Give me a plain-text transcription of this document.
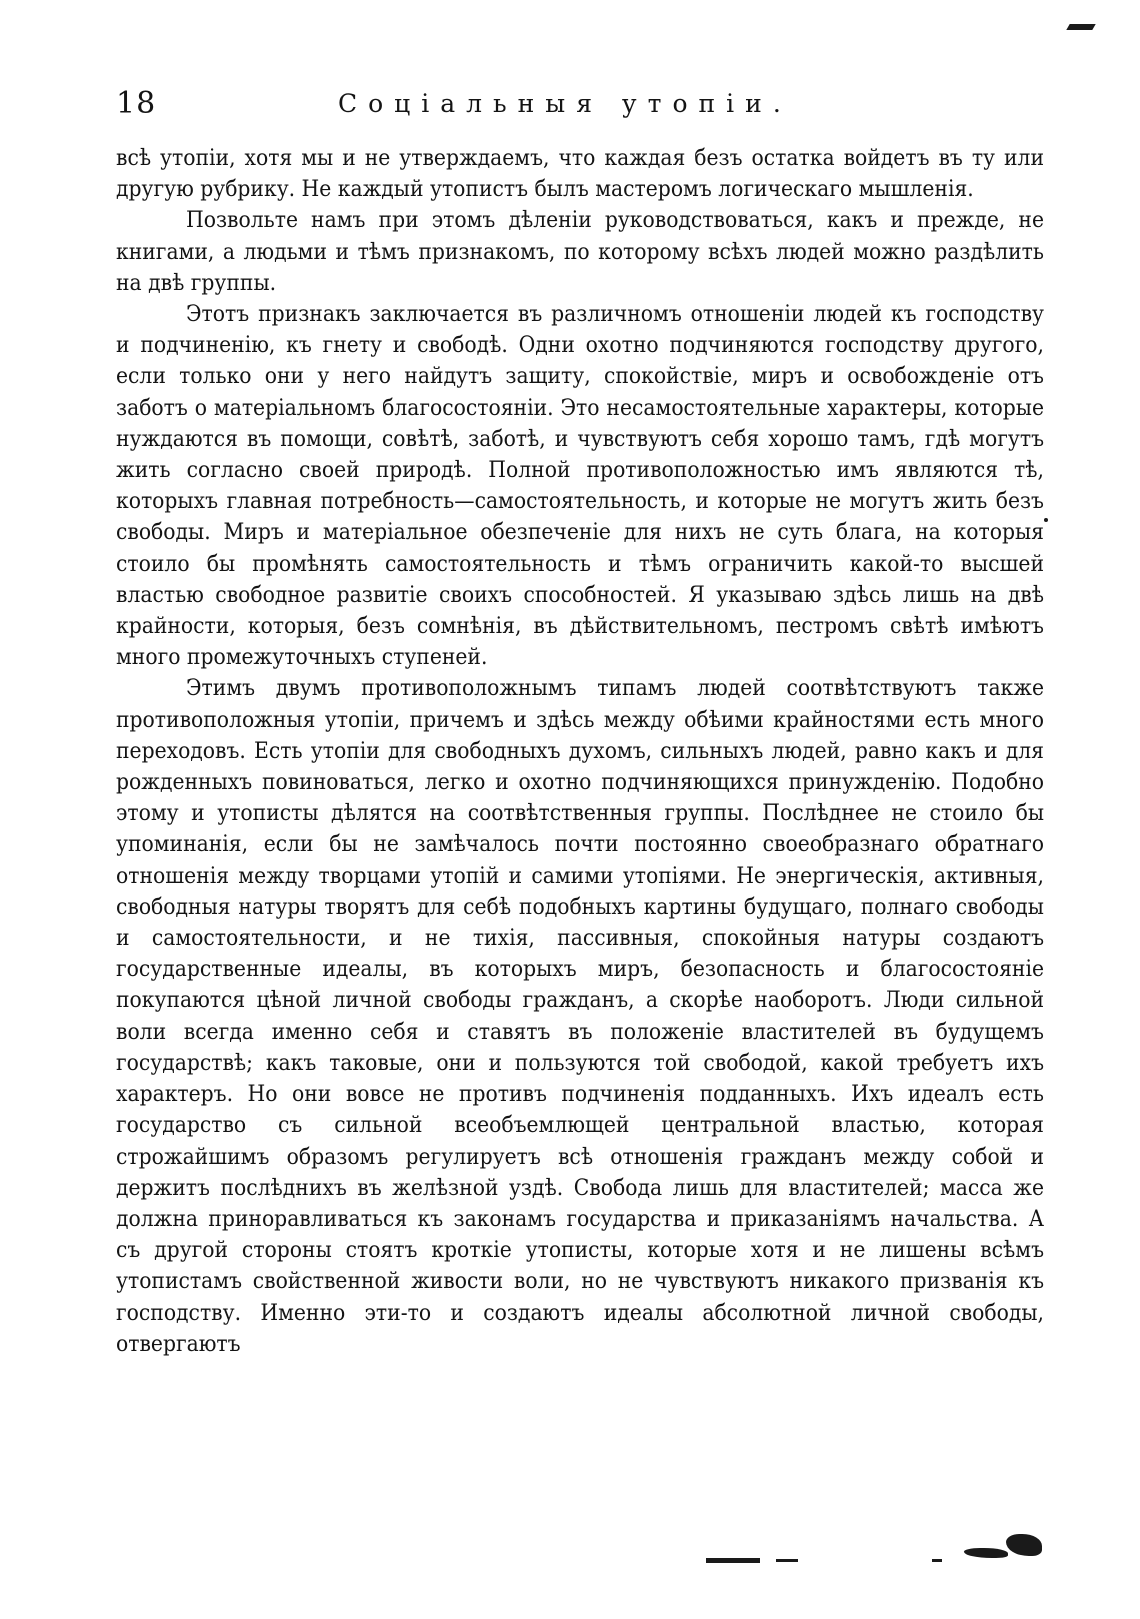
18	Соціальныя утопіи.

всѣ утопіи, хотя мы и не утверждаемъ, что каждая безъ остатка войдетъ въ ту или другую рубрику. Не каждый утопистъ былъ мастеромъ логическаго мышленія.

Позвольте намъ при этомъ дѣленіи руководствоваться, какъ и прежде, не книгами, а людьми и тѣмъ признакомъ, по которому всѣхъ людей можно раздѣлить на двѣ группы.

Этотъ признакъ заключается въ различномъ отношеніи людей къ господству и подчиненію, къ гнету и свободѣ. Одни охотно подчиняются господству другого, если только они у него найдутъ защиту, спокойствіе, миръ и освобожденіе отъ заботъ о матеріальномъ благосостояніи. Это несамостоятельные характеры, которые нуждаются въ помощи, совѣтѣ, заботѣ, и чувствуютъ себя хорошо тамъ, гдѣ могутъ жить согласно своей природѣ. Полной противоположностью имъ являются тѣ, которыхъ главная потребность—самостоятельность, и которые не могутъ жить безъ свободы. Миръ и матеріальное обезпеченіе для нихъ не суть блага, на которыя стоило бы промѣнять самостоятельность и тѣмъ ограничить какой-то высшей властью свободное развитіе своихъ способностей. Я указываю здѣсь лишь на двѣ крайности, которыя, безъ сомнѣнія, въ дѣйствительномъ, пестромъ свѣтѣ имѣютъ много промежуточныхъ ступеней.

Этимъ двумъ противоположнымъ типамъ людей соотвѣтствуютъ также противоположныя утопіи, причемъ и здѣсь между обѣими крайностями есть много переходовъ. Есть утопіи для свободныхъ духомъ, сильныхъ людей, равно какъ и для рожденныхъ повиноваться, легко и охотно подчиняющихся принужденію. Подобно этому и утописты дѣлятся на соотвѣтственныя группы. Послѣднее не стоило бы упоминанія, если бы не замѣчалось почти постоянно своеобразнаго обратнаго отношенія между творцами утопій и самими утопіями. Не энергическія, активныя, свободныя натуры творятъ для себѣ подобныхъ картины будущаго, полнаго свободы и самостоятельности, и не тихія, пассивныя, спокойныя натуры создаютъ государственные идеалы, въ которыхъ миръ, безопасность и благосостояніе покупаются цѣной личной свободы гражданъ, а скорѣе наоборотъ. Люди сильной воли всегда именно себя и ставятъ въ положеніе властителей въ будущемъ государствѣ; какъ таковые, они и пользуются той свободой, какой требуетъ ихъ характеръ. Но они вовсе не противъ подчиненія подданныхъ. Ихъ идеалъ есть государство съ сильной всеобъемлющей центральной властью, которая строжайшимъ образомъ регулируетъ всѣ отношенія гражданъ между собой и держитъ послѣднихъ въ желѣзной уздѣ. Свобода лишь для властителей; масса же должна приноравливаться къ законамъ государства и приказаніямъ начальства. А съ другой стороны стоятъ кроткіе утописты, которые хотя и не лишены всѣмъ утопистамъ свойственной живости воли, но не чувствуютъ никакого призванія къ господству. Именно эти-то и создаютъ идеалы абсолютной личной свободы, отвергаютъ
